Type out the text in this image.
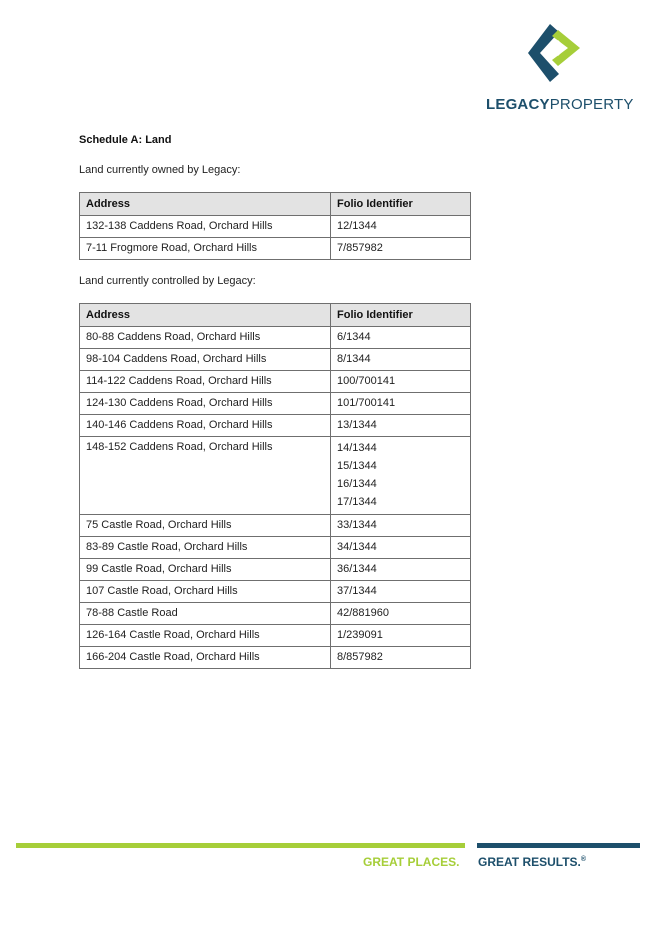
LEGACYPROPERTY
Schedule A: Land
Land currently owned by Legacy:
Address	Folio Identifier
132-138 Caddens Road, Orchard Hills	12/1344
7-11 Frogmore Road, Orchard Hills	7/857982
Land currently controlled by Legacy:
Address	Folio Identifier
80-88 Caddens Road, Orchard Hills	6/1344
98-104 Caddens Road, Orchard Hills	8/1344
114-122 Caddens Road, Orchard Hills	100/700141
124-130 Caddens Road, Orchard Hills	101/700141
140-146 Caddens Road, Orchard Hills	13/1344
148-152 Caddens Road, Orchard Hills	14/1344
15/1344
16/1344
17/1344

75 Castle Road, Orchard Hills	33/1344
83-89 Castle Road, Orchard Hills	34/1344
99 Castle Road, Orchard Hills	36/1344
107 Castle Road, Orchard Hills	37/1344
78-88 Castle Road	42/881960
126-164 Castle Road, Orchard Hills	1/239091
166-204 Castle Road, Orchard Hills	8/857982
GREAT PLACES. GREAT RESULTS.®
